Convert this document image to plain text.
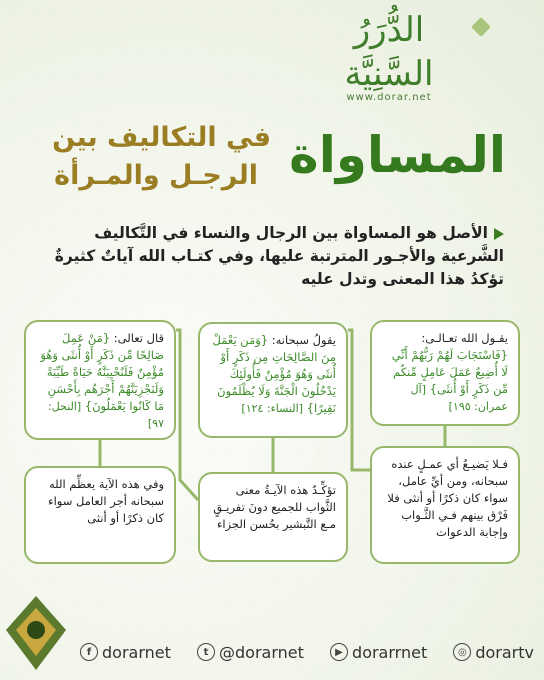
الدُّرَرُ السَّنِيَّة
www.dorar.net
المساواة
في التكاليف بين
الرجـل والمـرأة
الأصل هو المساواة بين الرجال والنساء في التَّكاليف الشَّرعية والأجـور المترتبة عليها، وفي كتـاب الله آياتٌ كثيرةٌ تؤكدُ هذا المعنى وتدل عليه
يقـول الله تعـالـى: {فَاسْتَجَابَ لَهُمْ رَبُّهُمْ أَنِّي لَا أُضِيعُ عَمَلَ عَامِلٍ مِّنكُم مِّن ذَكَرٍ أَوْ أُنثَى} [آل عمران: ١٩٥]
فـلا يَضيـعُ أي عمـلٍ عنده سبحانه، ومن أيِّ عامل، سواء كان ذكرًا أو أنثى فلا فَرْق بينهم فـي الثَّـواب وإجابة الدعوات
يقولُ سبحانه: {وَمَن يَعْمَلْ مِنَ الصَّالِحَاتِ مِن ذَكَرٍ أَوْ أُنثَى وَهُوَ مُؤْمِنٌ فَأُولَئِكَ يَدْخُلُونَ الْجَنَّةَ وَلَا يُظْلَمُونَ نَقِيرًا} [النساء: ١٢٤]
تؤكِّـدُ هذه الآيـةُ معنى الثَّواب للجميع دونَ تفريـقٍ مـع التَّبشير بحُسن الجزاء
قال تعالى: {مَنْ عَمِلَ صَالِحًا مِّن ذَكَرٍ أَوْ أُنثَى وَهُوَ مُؤْمِنٌ فَلَنُحْيِيَنَّهُ حَيَاةً طَيِّبَةً وَلَنَجْزِيَنَّهُمْ أَجْرَهُم بِأَحْسَنِ مَا كَانُوا يَعْمَلُونَ} [النحل: ٩٧]
وفي هذه الآية يعظِّم الله سبحانه أجر العامل سواء كان ذكرًا أو أنثى
f dorarnet	t @dorarnet	▶ dorarrnet	◎ dorartv
